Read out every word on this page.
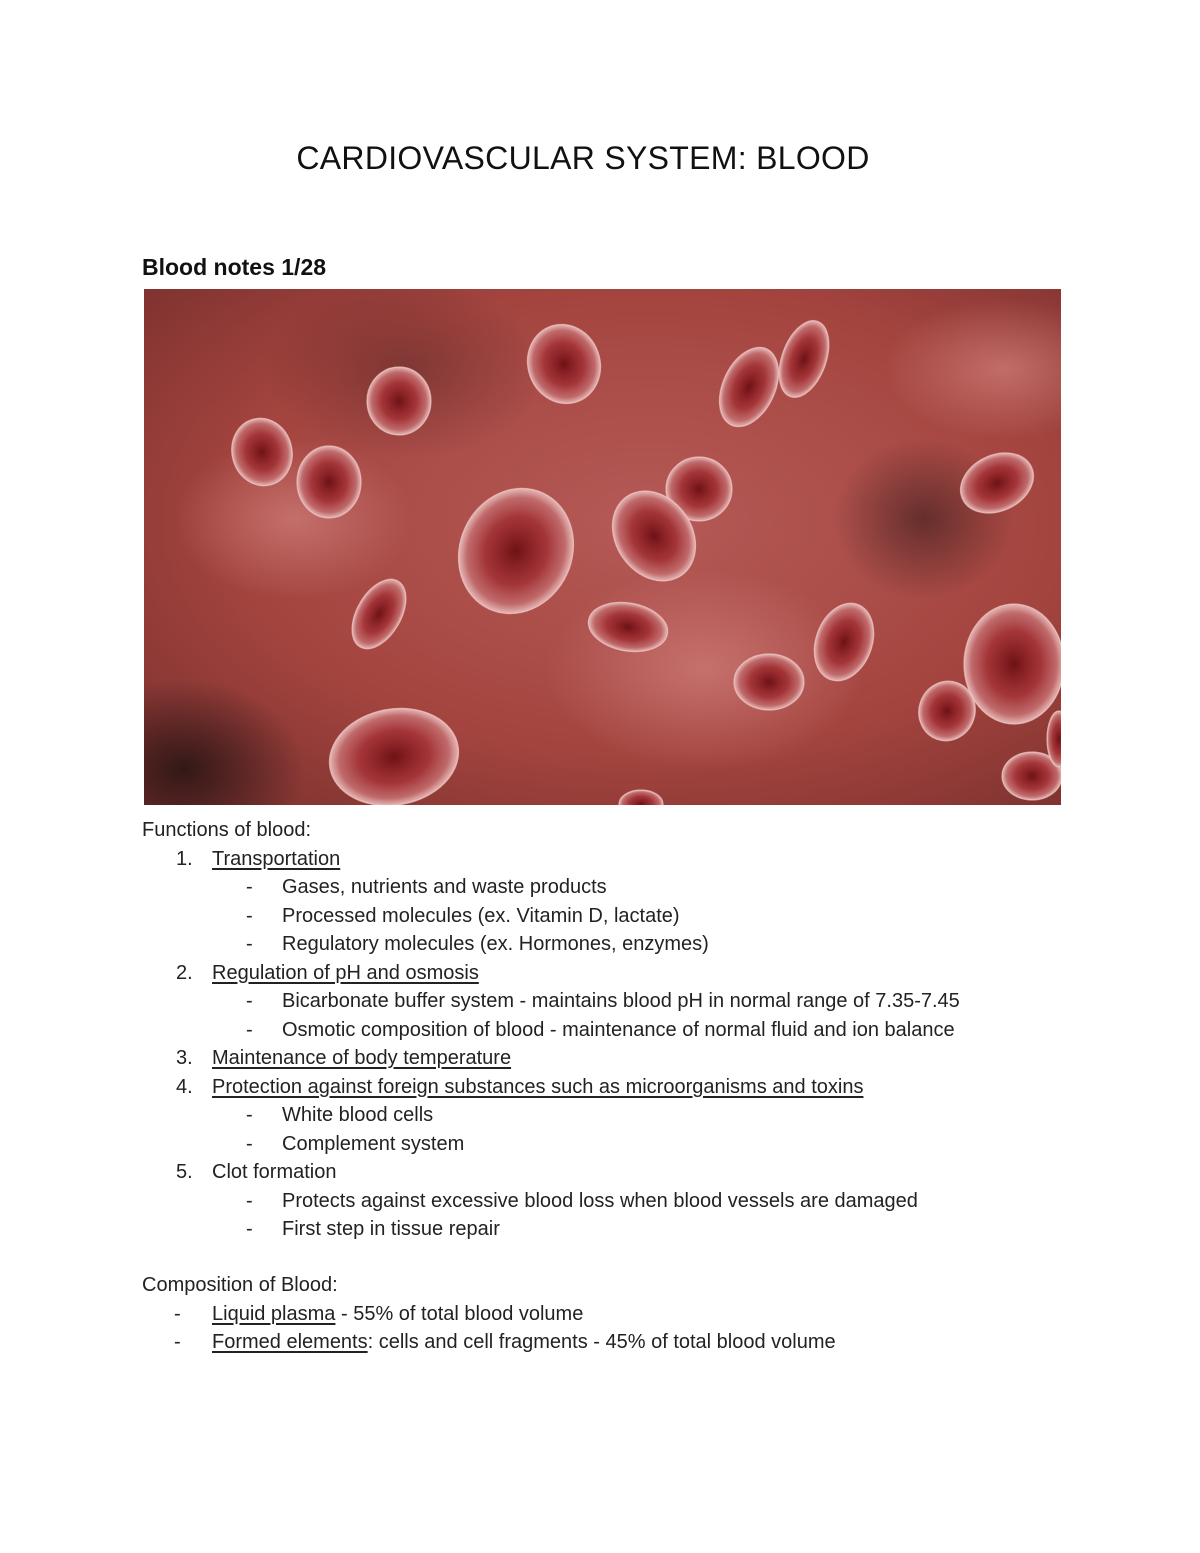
CARDIOVASCULAR SYSTEM: BLOOD
Blood notes 1/28
Functions of blood:
1. Transportation
- Gases, nutrients and waste products
- Processed molecules (ex. Vitamin D, lactate)
- Regulatory molecules (ex. Hormones, enzymes)
2. Regulation of pH and osmosis
- Bicarbonate buffer system - maintains blood pH in normal range of 7.35-7.45
- Osmotic composition of blood - maintenance of normal fluid and ion balance
3. Maintenance of body temperature
4. Protection against foreign substances such as microorganisms and toxins
- White blood cells
- Complement system
5. Clot formation
- Protects against excessive blood loss when blood vessels are damaged
- First step in tissue repair
Composition of Blood:
- Liquid plasma - 55% of total blood volume
- Formed elements: cells and cell fragments - 45% of total blood volume
